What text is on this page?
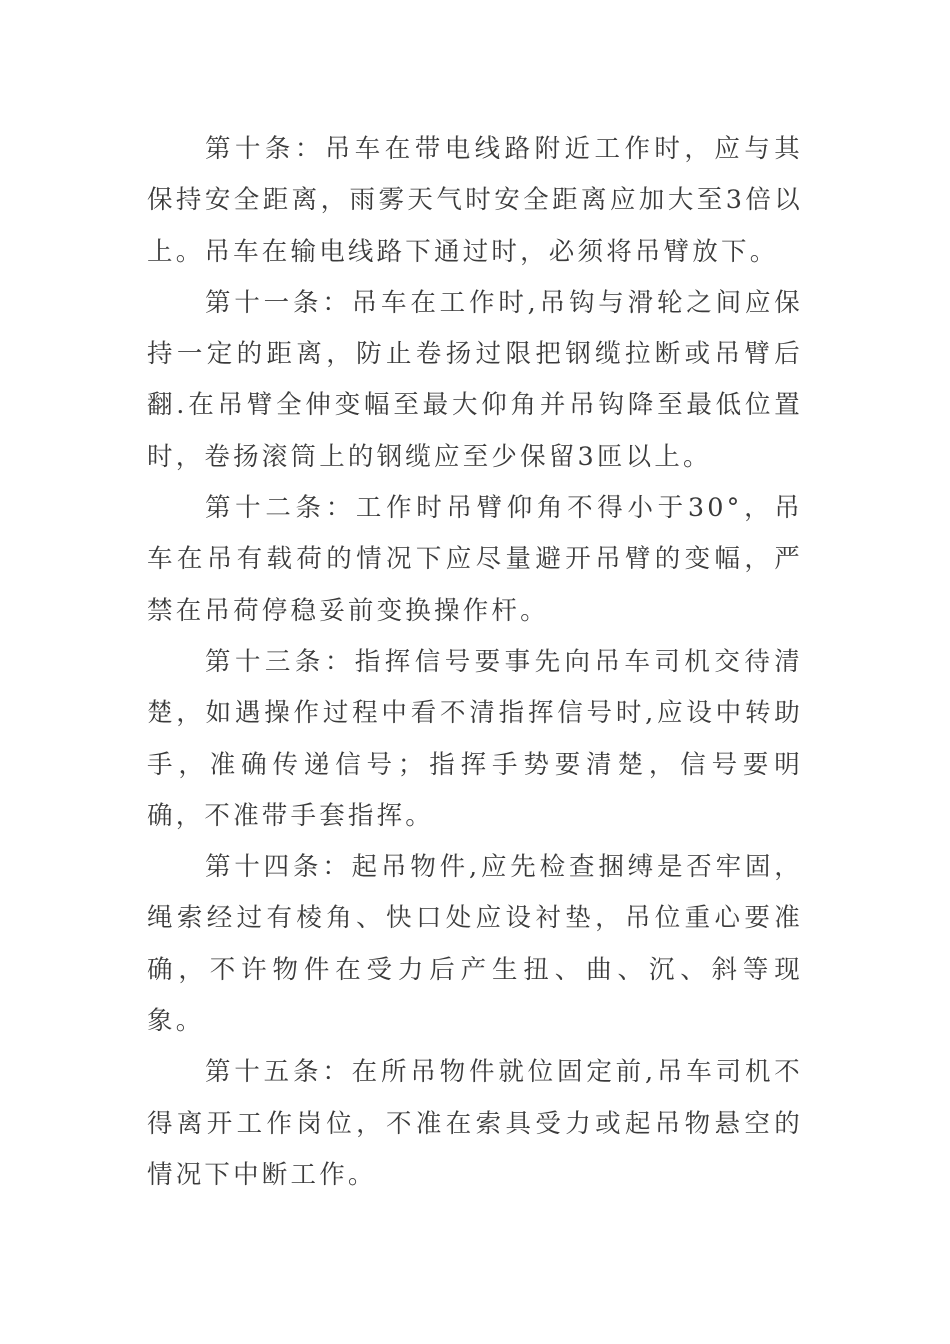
第十条：吊车在带电线路附近工作时，应与其保持安全距离，雨雾天气时安全距离应加大至3倍以上。吊车在输电线路下通过时，必须将吊臂放下。

第十一条：吊车在工作时,吊钩与滑轮之间应保持一定的距离，防止卷扬过限把钢缆拉断或吊臂后翻.在吊臂全伸变幅至最大仰角并吊钩降至最低位置时，卷扬滚筒上的钢缆应至少保留3匝以上。

第十二条：工作时吊臂仰角不得小于30°，吊车在吊有载荷的情况下应尽量避开吊臂的变幅，严禁在吊荷停稳妥前变换操作杆。

第十三条：指挥信号要事先向吊车司机交待清楚，如遇操作过程中看不清指挥信号时,应设中转助手，准确传递信号；指挥手势要清楚，信号要明确，不准带手套指挥。

第十四条：起吊物件,应先检查捆缚是否牢固，绳索经过有棱角、快口处应设衬垫，吊位重心要准确，不许物件在受力后产生扭、曲、沉、斜等现象。

第十五条：在所吊物件就位固定前,吊车司机不得离开工作岗位，不准在索具受力或起吊物悬空的情况下中断工作。
